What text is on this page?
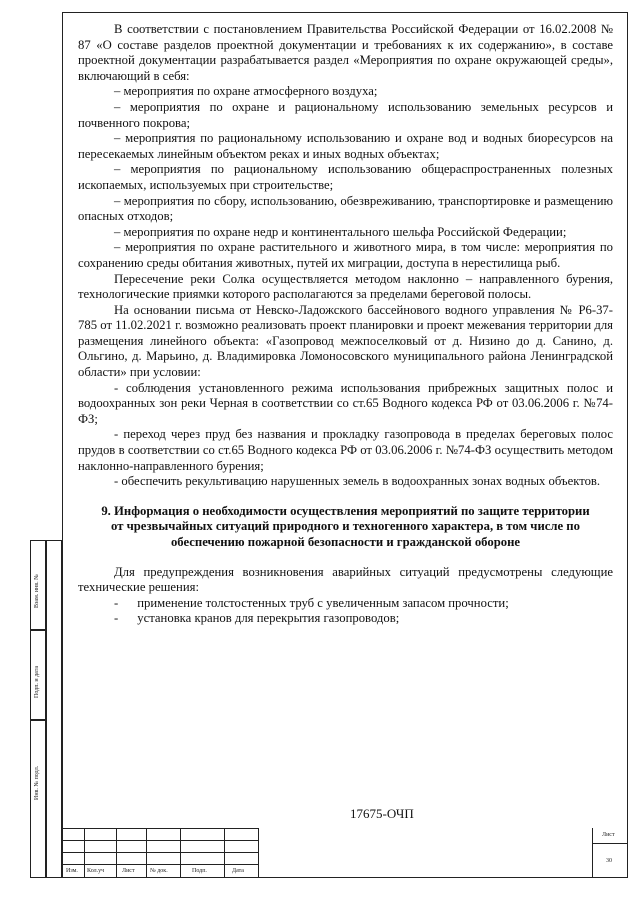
Взам. инв. №
Подп. и дата
Инв. № подл.

В соответствии с постановлением Правительства Российской Федерации от 16.02.2008 № 87 «О составе разделов проектной документации и требованиях к их содержанию», в составе проектной документации разрабатывается раздел «Мероприятия по охране окружающей среды», включающий в себя:

– мероприятия по охране атмосферного воздуха;

– мероприятия по охране и рациональному использованию земельных ресурсов и почвенного покрова;

– мероприятия по рациональному использованию и охране вод и водных биоресурсов на пересекаемых линейным объектом реках и иных водных объектах;

– мероприятия по рациональному использованию общераспространенных полезных ископаемых, используемых при строительстве;

– мероприятия по сбору, использованию, обезвреживанию, транспортировке и размещению опасных отходов;

– мероприятия по охране недр и континентального шельфа Российской Федерации;

– мероприятия по охране растительного и животного мира, в том числе: мероприятия по сохранению среды обитания животных, путей их миграции, доступа в нерестилища рыб.

Пересечение реки Солка осуществляется методом наклонно – направленного бурения, технологические приямки которого располагаются за пределами береговой полосы.

На основании письма от Невско-Ладожского бассейнового водного управления № Р6-37-785 от 11.02.2021 г. возможно реализовать проект планировки и проект межевания территории для размещения линейного объекта: «Газопровод межпоселковый от д. Низино до д. Санино, д. Ольгино, д. Марьино, д. Владимировка Ломоносовского муниципального района Ленинградской области» при условии:

- соблюдения установленного режима использования прибрежных защитных полос и водоохранных зон реки Черная в соответствии со ст.65 Водного кодекса РФ от 03.06.2006 г. №74-ФЗ;

- переход через пруд без названия и прокладку газопровода в пределах береговых полос прудов в соответствии со ст.65 Водного кодекса РФ от 03.06.2006 г. №74-ФЗ осуществить методом наклонно-направленного бурения;

- обеспечить рекультивацию нарушенных земель в водоохранных зонах водных объектов.

9. Информация о необходимости осуществления мероприятий по защите территории от чрезвычайных ситуаций природного и техногенного характера, в том числе по обеспечению пожарной безопасности и гражданской обороне

Для предупреждения возникновения аварийных ситуаций предусмотрены следующие технические решения:

-      применение толстостенных труб с увеличенным запасом прочности;

-      установка кранов для перекрытия газопроводов;

17675-ОЧП
Изм. Кол.уч	Лист	№ док.	Подп.	Дата
Лист
30
